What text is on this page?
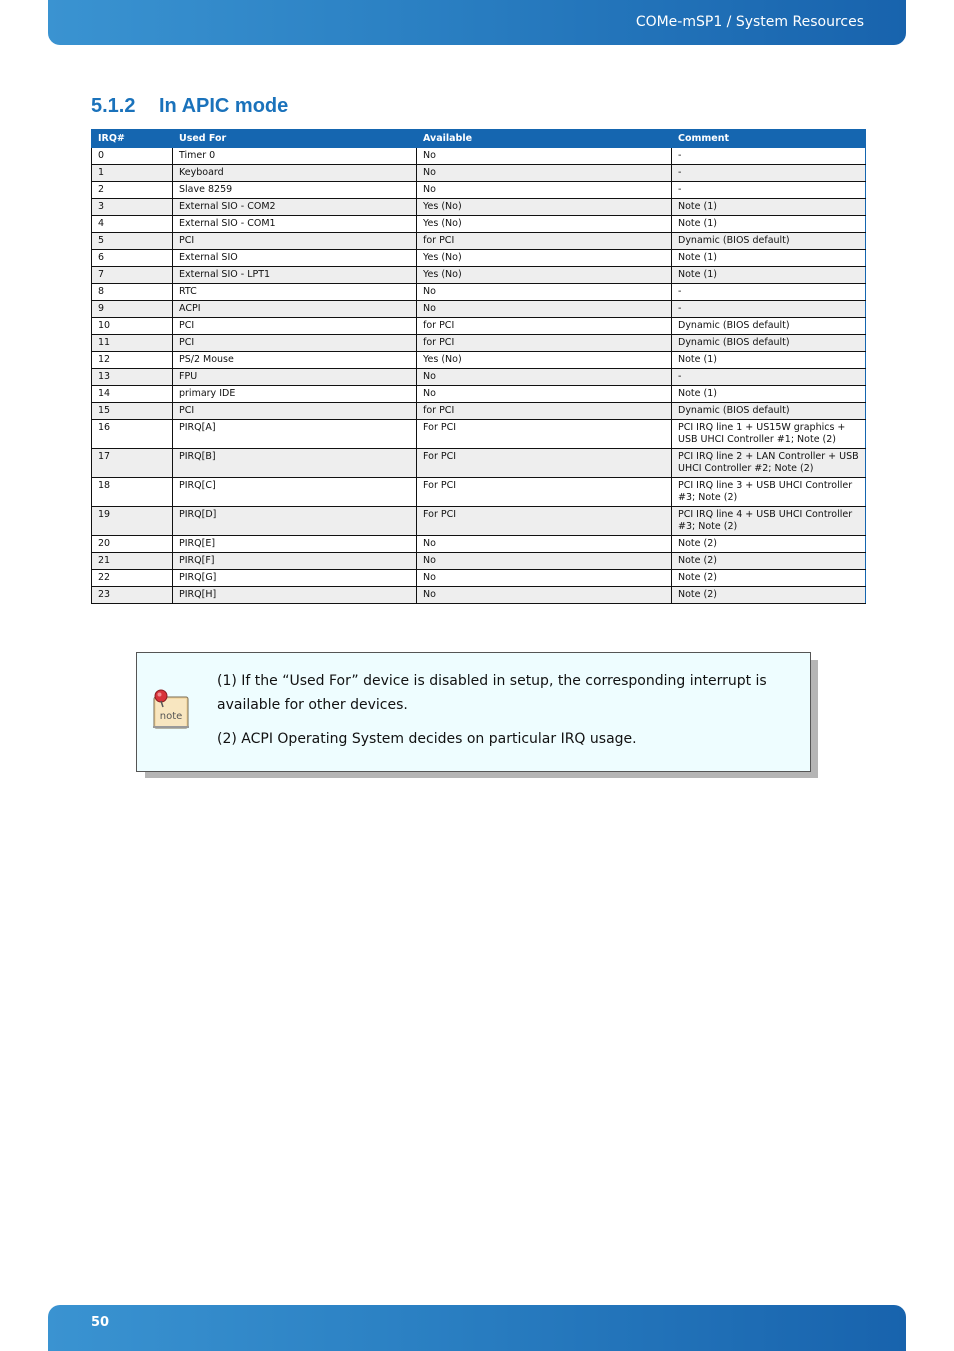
COMe-mSP1 / System Resources
5.1.2 In APIC mode
IRQ#	Used For	Available	Comment
0	Timer 0	No	-
1	Keyboard	No	-
2	Slave 8259	No	-
3	External SIO - COM2	Yes (No)	Note (1)
4	External SIO - COM1	Yes (No)	Note (1)
5	PCI	for PCI	Dynamic (BIOS default)
6	External SIO	Yes (No)	Note (1)
7	External SIO - LPT1	Yes (No)	Note (1)
8	RTC	No	-
9	ACPI	No	-
10	PCI	for PCI	Dynamic (BIOS default)
11	PCI	for PCI	Dynamic (BIOS default)
12	PS/2 Mouse	Yes (No)	Note (1)
13	FPU	No	-
14	primary IDE	No	Note (1)
15	PCI	for PCI	Dynamic (BIOS default)
16	PIRQ[A]	For PCI	PCI IRQ line 1 + US15W graphics + USB UHCI Controller #1; Note (2)
17	PIRQ[B]	For PCI	PCI IRQ line 2 + LAN Controller + USB UHCI Controller #2; Note (2)
18	PIRQ[C]	For PCI	PCI IRQ line 3 + USB UHCI Controller #3; Note (2)
19	PIRQ[D]	For PCI	PCI IRQ line 4 + USB UHCI Controller #3; Note (2)
20	PIRQ[E]	No	Note (2)
21	PIRQ[F]	No	Note (2)
22	PIRQ[G]	No	Note (2)
23	PIRQ[H]	No	Note (2)
note

(1) If the “Used For” device is disabled in setup, the corresponding interrupt is available for other devices.

(2) ACPI Operating System decides on particular IRQ usage.

50
